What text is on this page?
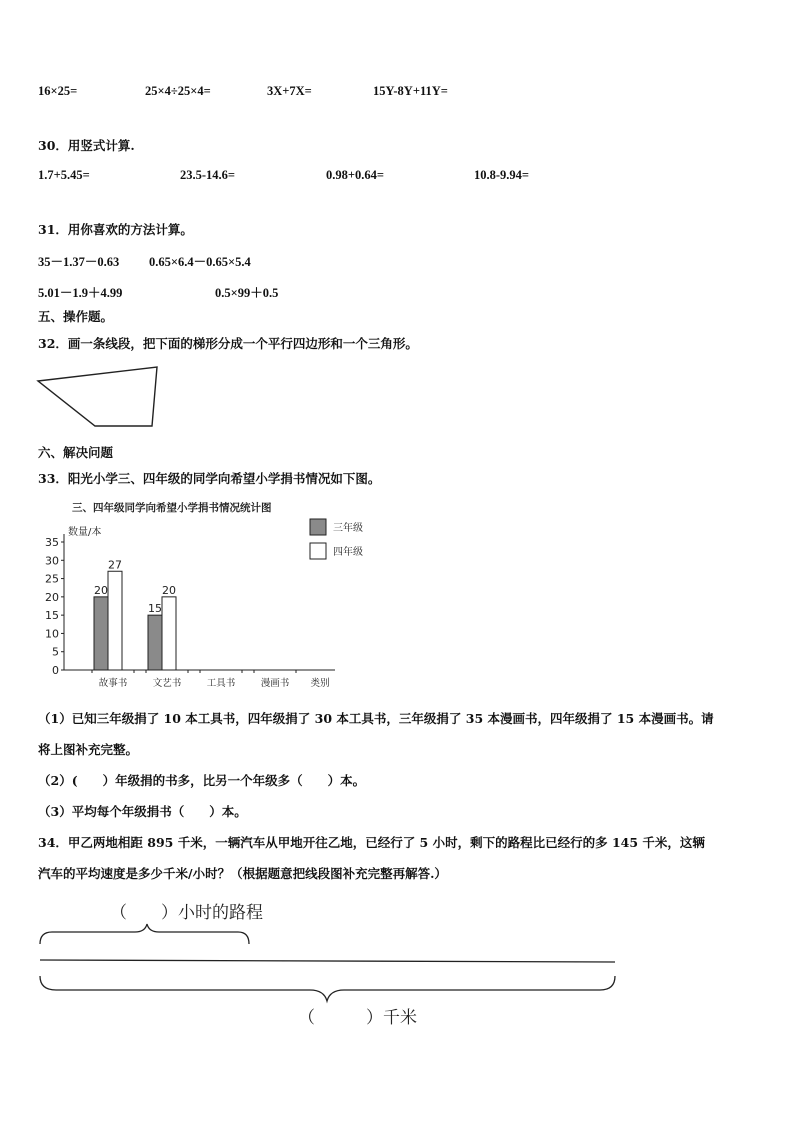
16×25=	25×4÷25×4=	3X+7X=	15Y-8Y+11Y=
30．用竖式计算.
1.7+5.45=	23.5-14.6=	0.98+0.64=	10.8-9.94=
31．用你喜欢的方法计算。
35－1.37－0.63 0.65×6.4－0.65×5.4
5.01－1.9＋4.99	0.5×99＋0.5
五、操作题。
32．画一条线段，把下面的梯形分成一个平行四边形和一个三角形。
六、解决问题
33．阳光小学三、四年级的同学向希望小学捐书情况如下图。
三、四年级同学向希望小学捐书情况统计图
数量/本
0
5
10
15
20
25
30
35
故事书
20
27
文艺书
15
20
工具书	漫画书 类别
三年级
四年级
（1）已知三年级捐了 10 本工具书，四年级捐了 30 本工具书，三年级捐了 35 本漫画书，四年级捐了 15 本漫画书。请
将上图补充完整。
（2）(　　）年级捐的书多，比另一个年级多（　　）本。
（3）平均每个年级捐书（　　）本。
34．甲乙两地相距 895 千米，一辆汽车从甲地开往乙地，已经行了 5 小时，剩下的路程比已经行的多 145 千米，这辆
汽车的平均速度是多少千米/小时？（根据题意把线段图补充完整再解答.）
（　　）小时的路程
（　　　）千米
